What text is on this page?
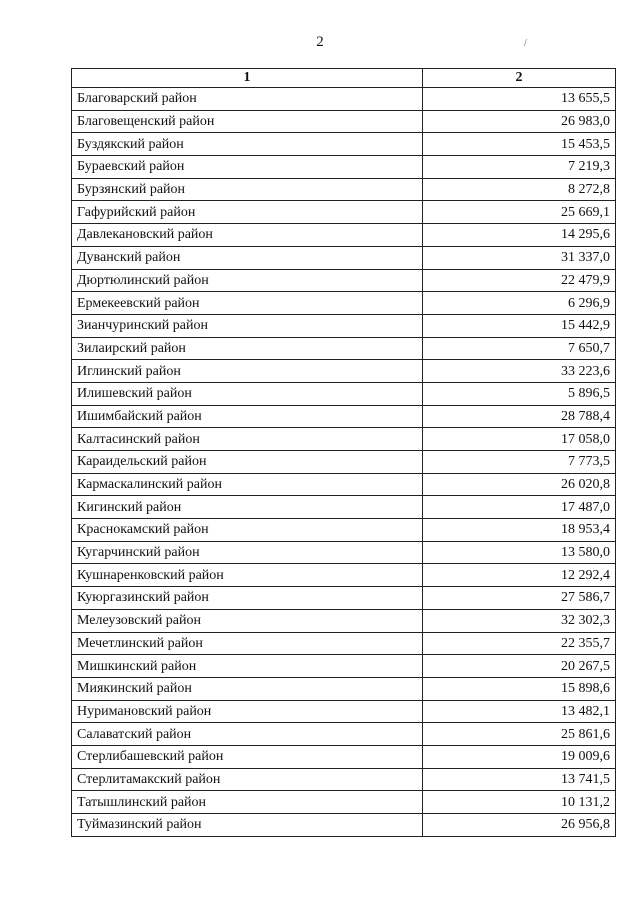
2	/
1	2
Благоварский район	13 655,5
Благовещенский район	26 983,0
Буздякский район	15 453,5
Бураевский район	7 219,3
Бурзянский район	8 272,8
Гафурийский район	25 669,1
Давлекановский район	14 295,6
Дуванский район	31 337,0
Дюртюлинский район	22 479,9
Ермекеевский район	6 296,9
Зианчуринский район	15 442,9
Зилаирский район	7 650,7
Иглинский район	33 223,6
Илишевский район	5 896,5
Ишимбайский район	28 788,4
Калтасинский район	17 058,0
Караидельский район	7 773,5
Кармаскалинский район	26 020,8
Кигинский район	17 487,0
Краснокамский район	18 953,4
Кугарчинский район	13 580,0
Кушнаренковский район	12 292,4
Куюргазинский район	27 586,7
Мелеузовский район	32 302,3
Мечетлинский район	22 355,7
Мишкинский район	20 267,5
Миякинский район	15 898,6
Нуримановский район	13 482,1
Салаватский район	25 861,6
Стерлибашевский район	19 009,6
Стерлитамакский район	13 741,5
Татышлинский район	10 131,2
Туймазинский район	26 956,8
